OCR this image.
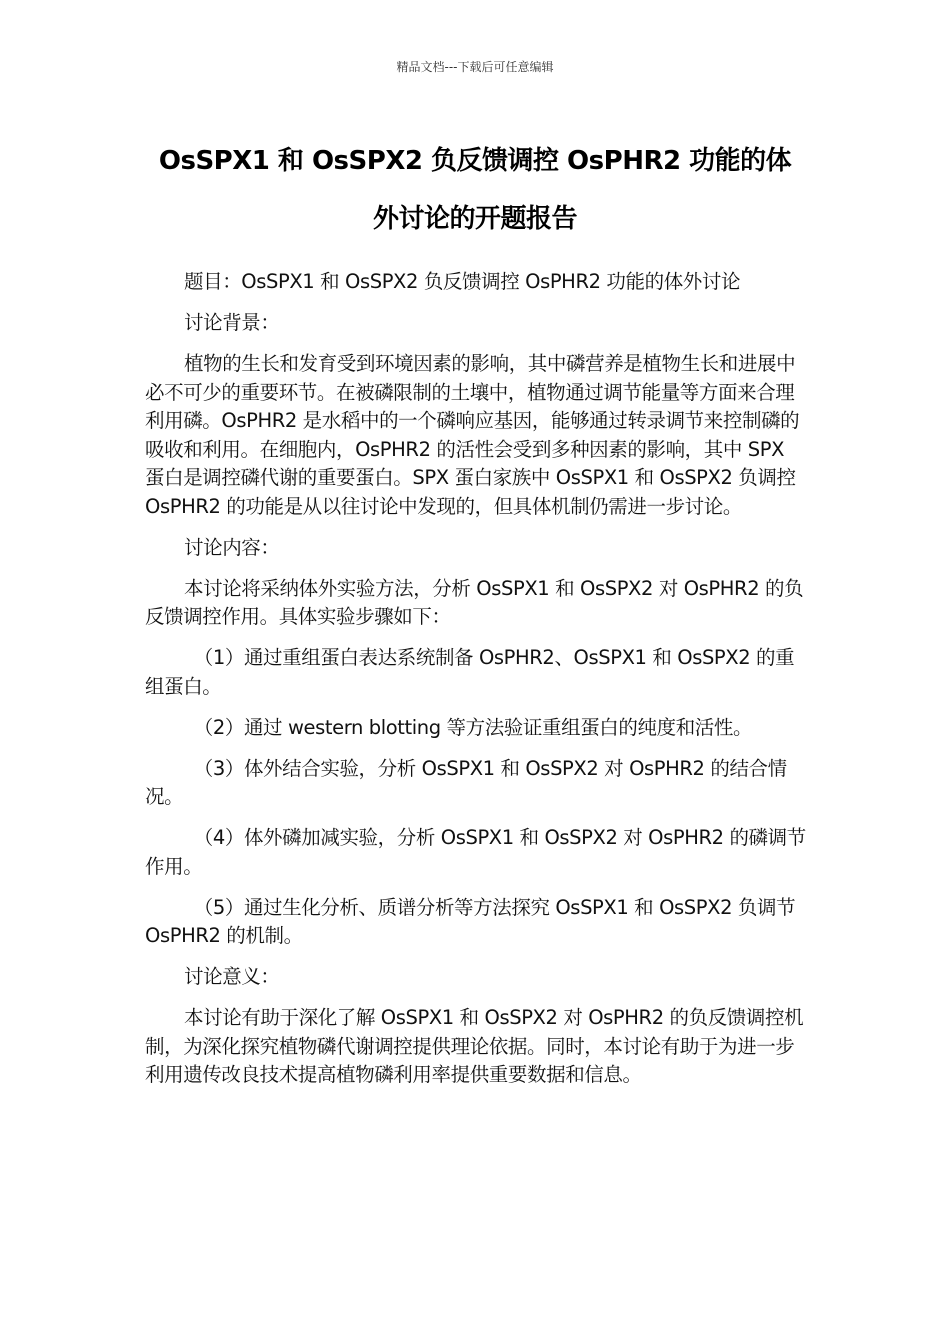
精品文档---下载后可任意编辑
OsSPX1 和 OsSPX2 负反馈调控 OsPHR2 功能的体
外讨论的开题报告

题目：OsSPX1 和 OsSPX2 负反馈调控 OsPHR2 功能的体外讨论

讨论背景：

植物的生长和发育受到环境因素的影响，其中磷营养是植物生长和进展中必不可少的重要环节。在被磷限制的土壤中，植物通过调节能量等方面来合理利用磷。OsPHR2 是水稻中的一个磷响应基因，能够通过转录调节来控制磷的吸收和利用。在细胞内，OsPHR2 的活性会受到多种因素的影响，其中 SPX 蛋白是调控磷代谢的重要蛋白。SPX 蛋白家族中 OsSPX1 和 OsSPX2 负调控 OsPHR2 的功能是从以往讨论中发现的，但具体机制仍需进一步讨论。

讨论内容：

本讨论将采纳体外实验方法，分析 OsSPX1 和 OsSPX2 对 OsPHR2 的负反馈调控作用。具体实验步骤如下：

（1）通过重组蛋白表达系统制备 OsPHR2、OsSPX1 和 OsSPX2 的重组蛋白。

（2）通过 western blotting 等方法验证重组蛋白的纯度和活性。

（3）体外结合实验，分析 OsSPX1 和 OsSPX2 对 OsPHR2 的结合情况。

（4）体外磷加减实验，分析 OsSPX1 和 OsSPX2 对 OsPHR2 的磷调节作用。

（5）通过生化分析、质谱分析等方法探究 OsSPX1 和 OsSPX2 负调节 OsPHR2 的机制。

讨论意义：

本讨论有助于深化了解 OsSPX1 和 OsSPX2 对 OsPHR2 的负反馈调控机制，为深化探究植物磷代谢调控提供理论依据。同时，本讨论有助于为进一步利用遗传改良技术提高植物磷利用率提供重要数据和信息。
